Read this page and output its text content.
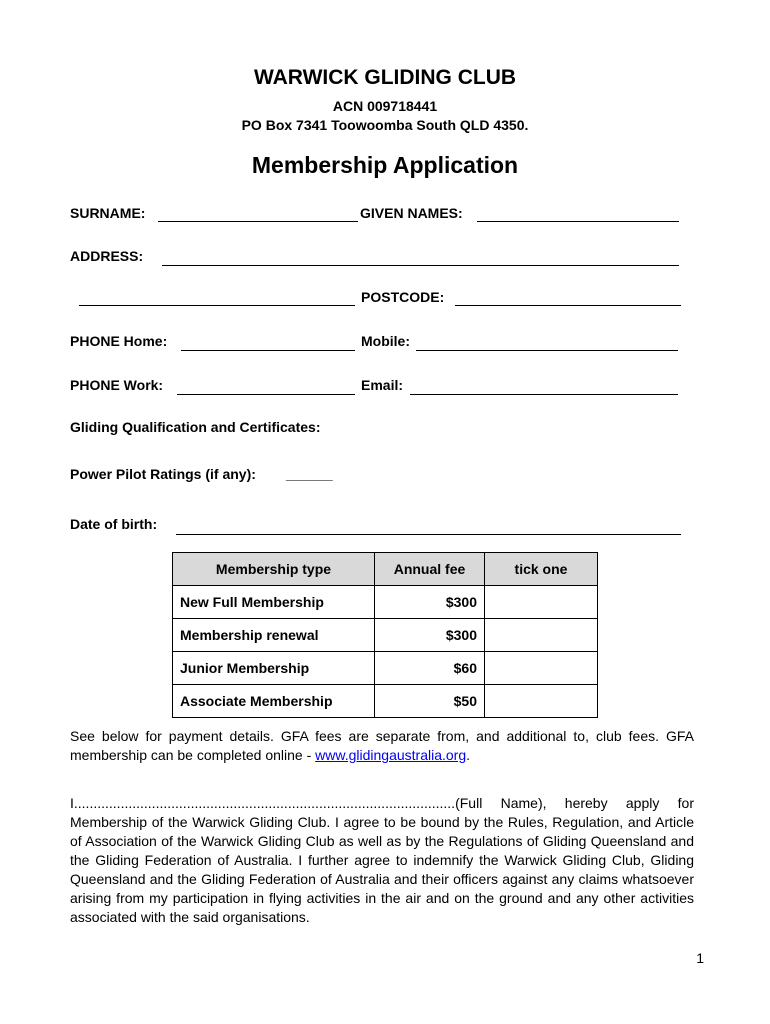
WARWICK GLIDING CLUB
ACN 009718441
PO Box 7341 Toowoomba South QLD 4350.
Membership Application
SURNAME:	GIVEN NAMES:
ADDRESS:
POSTCODE:
PHONE Home:	Mobile:
PHONE Work:	Email:
Gliding Qualification and Certificates:
Power Pilot Ratings (if any): ______
Date of birth:
Membership type	Annual fee	tick one
New Full Membership	$300	
Membership renewal	$300	
Junior Membership	$60	
Associate Membership	$50	
See below for payment details. GFA fees are separate from, and additional to, club fees. GFA membership can be completed online - www.glidingaustralia.org.
I..................................................................................................(Full Name), hereby apply for Membership of the Warwick Gliding Club. I agree to be bound by the Rules, Regulation, and Article of Association of the Warwick Gliding Club as well as by the Regulations of Gliding Queensland and the Gliding Federation of Australia. I further agree to indemnify the Warwick Gliding Club, Gliding Queensland and the Gliding Federation of Australia and their officers against any claims whatsoever arising from my participation in flying activities in the air and on the ground and any other activities associated with the said organisations.
1
